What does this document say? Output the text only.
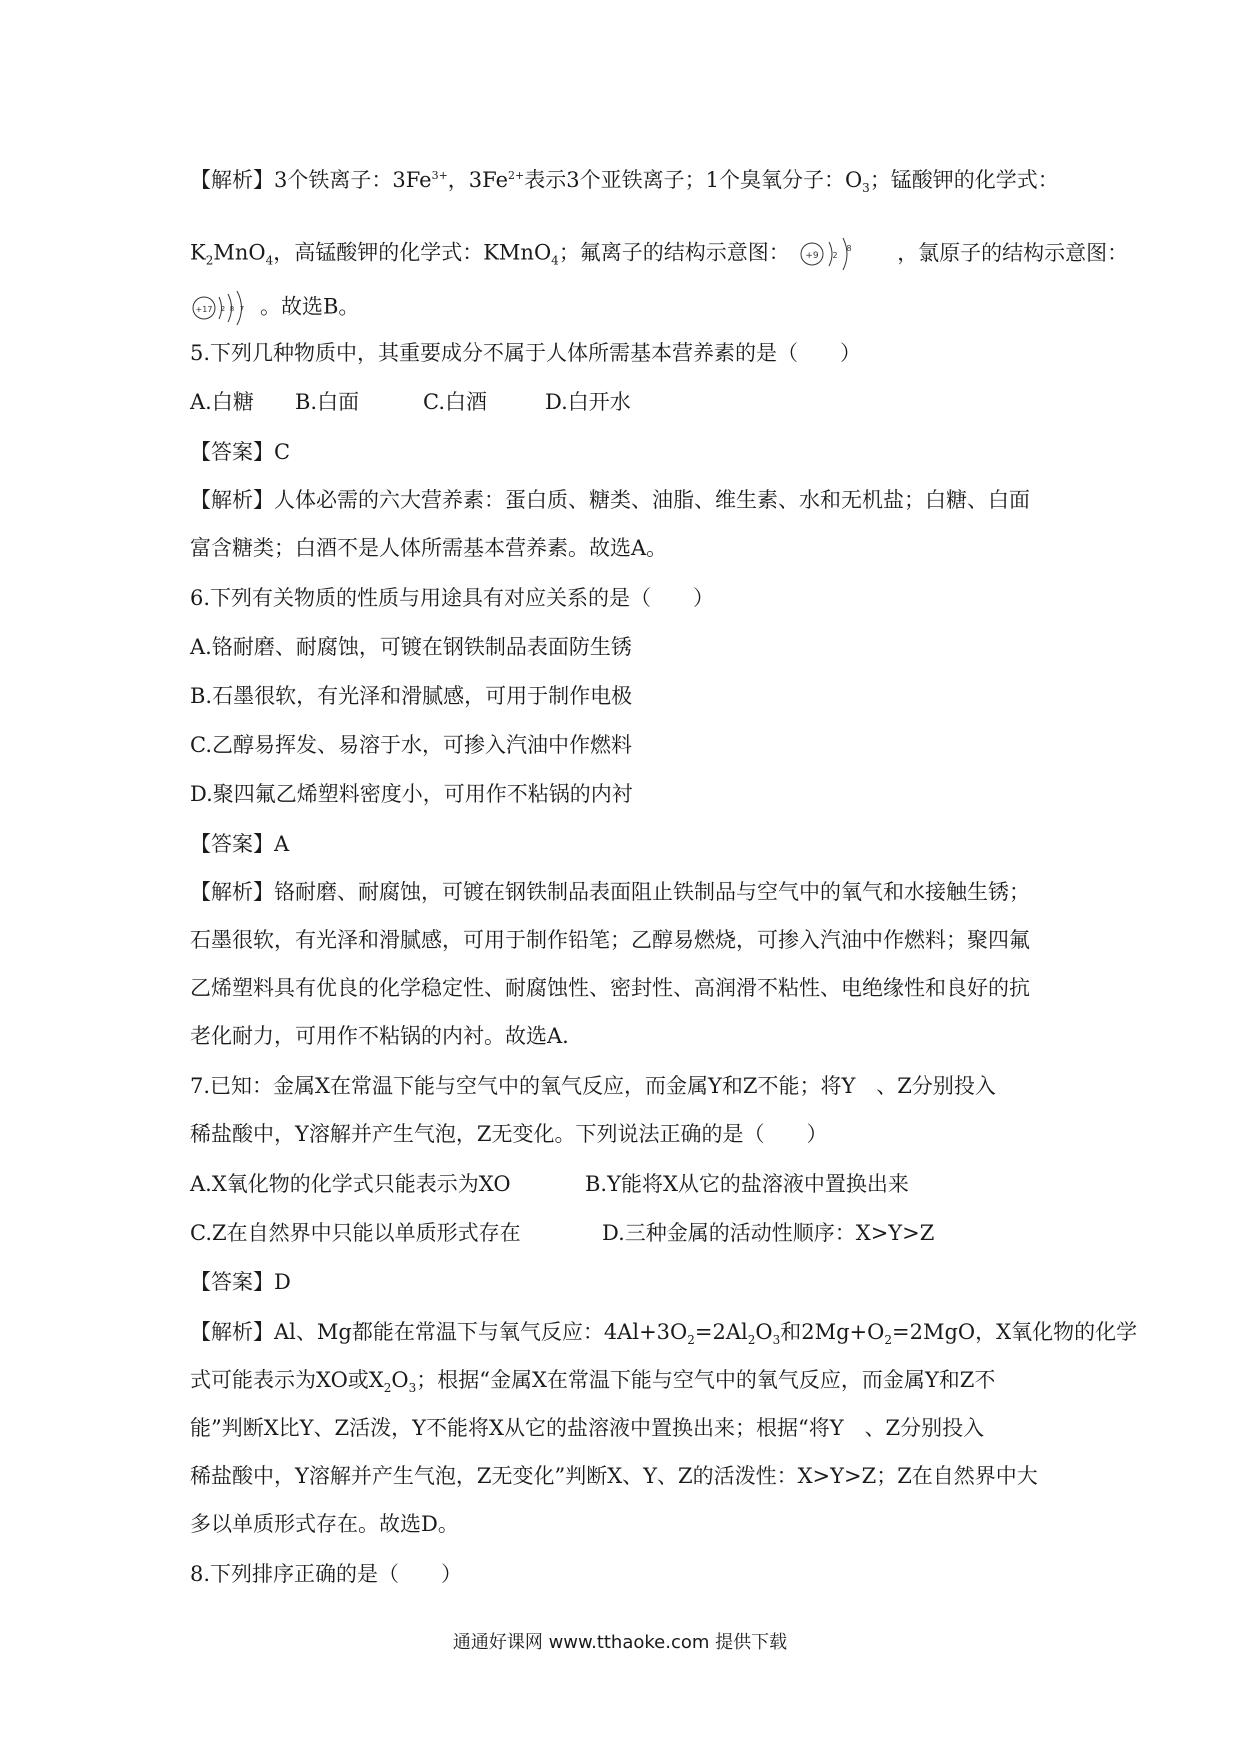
【解析】3个铁离子：$3Fe^{3+}$，$3Fe^{2+}$表示3个亚铁离子；1个臭氧分子：$O_3$；锰酸钾的化学式：
$K_2MnO_4$，高锰酸钾的化学式：KMnO$_4$；氟离子的结构示意图： +9 2
8 ，氯原子的结构示意图：
+17 2 8 7 。故选B。
5.下列几种物质中，其重要成分不属于人体所需基本营养素的是（　　）
A.白糖 B.白面	C.白酒	D.白开水
【答案】C
【解析】人体必需的六大营养素：蛋白质、糖类、油脂、维生素、水和无机盐；白糖、白面
富含糖类；白酒不是人体所需基本营养素。故选A。
6.下列有关物质的性质与用途具有对应关系的是（　　）
A.铬耐磨、耐腐蚀，可镀在钢铁制品表面防生锈
B.石墨很软，有光泽和滑腻感，可用于制作电极
C.乙醇易挥发、易溶于水，可掺入汽油中作燃料
D.聚四氟乙烯塑料密度小，可用作不粘锅的内衬
【答案】A
【解析】铬耐磨、耐腐蚀，可镀在钢铁制品表面阻止铁制品与空气中的氧气和水接触生锈；
石墨很软，有光泽和滑腻感，可用于制作铅笔；乙醇易燃烧，可掺入汽油中作燃料；聚四氟
乙烯塑料具有优良的化学稳定性、耐腐蚀性、密封性、高润滑不粘性、电绝缘性和良好的抗
老化耐力，可用作不粘锅的内衬。故选A.
7.已知：金属X在常温下能与空气中的氧气反应，而金属Y和Z不能；将Y　、Z分别投入
稀盐酸中，Y溶解并产生气泡，Z无变化。下列说法正确的是（　　）
A.X氧化物的化学式只能表示为XO	B.Y能将X从它的盐溶液中置换出来
C.Z在自然界中只能以单质形式存在	D.三种金属的活动性顺序：X>Y>Z
【答案】D
【解析】Al、Mg都能在常温下与氧气反应：$4Al+3O_2=2Al_2O_3$和$2Mg+O_2=2MgO$，X氧化物的化学
式可能表示为XO或$X_2O_3$；根据“金属X在常温下能与空气中的氧气反应，而金属Y和Z不
能”判断X比Y、Z活泼，Y不能将X从它的盐溶液中置换出来；根据“将Y　、Z分别投入
稀盐酸中，Y溶解并产生气泡，Z无变化”判断X、Y、Z的活泼性：X>Y>Z；Z在自然界中大
多以单质形式存在。故选D。
8.下列排序正确的是（　　）
通通好课网 www.tthaoke.com 提供下载
